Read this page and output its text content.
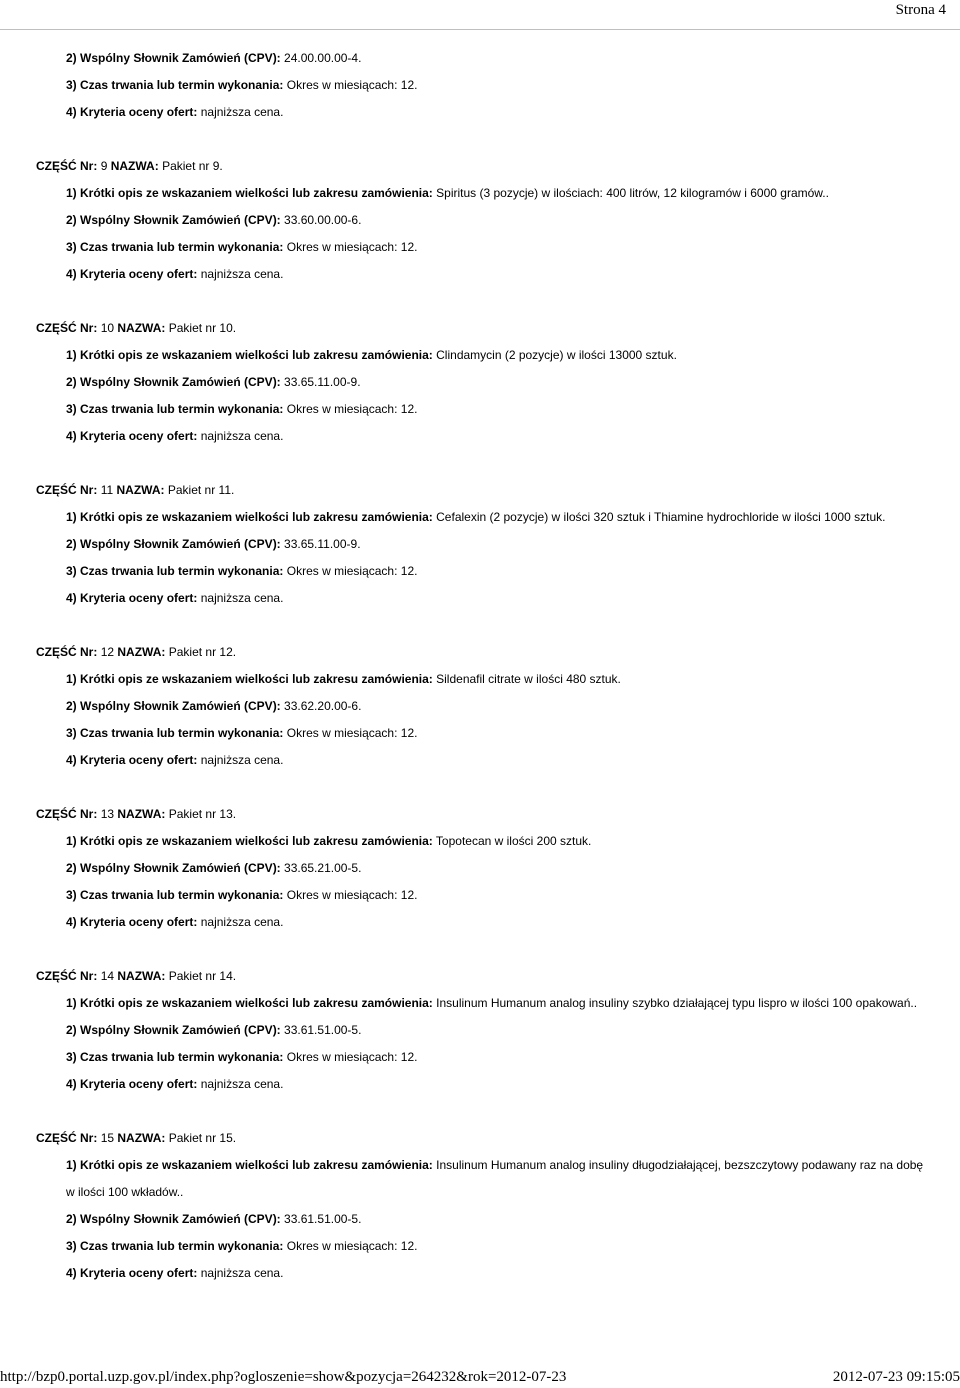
Strona 4
2) Wspólny Słownik Zamówień (CPV): 24.00.00.00-4.
3) Czas trwania lub termin wykonania: Okres w miesiącach: 12.
4) Kryteria oceny ofert: najniższa cena.
CZĘŚĆ Nr: 9 NAZWA: Pakiet nr 9.
1) Krótki opis ze wskazaniem wielkości lub zakresu zamówienia: Spiritus (3 pozycje) w ilościach: 400 litrów, 12 kilogramów i 6000 gramów..
2) Wspólny Słownik Zamówień (CPV): 33.60.00.00-6.
3) Czas trwania lub termin wykonania: Okres w miesiącach: 12.
4) Kryteria oceny ofert: najniższa cena.
CZĘŚĆ Nr: 10 NAZWA: Pakiet nr 10.
1) Krótki opis ze wskazaniem wielkości lub zakresu zamówienia: Clindamycin (2 pozycje) w ilości 13000 sztuk.
2) Wspólny Słownik Zamówień (CPV): 33.65.11.00-9.
3) Czas trwania lub termin wykonania: Okres w miesiącach: 12.
4) Kryteria oceny ofert: najniższa cena.
CZĘŚĆ Nr: 11 NAZWA: Pakiet nr 11.
1) Krótki opis ze wskazaniem wielkości lub zakresu zamówienia: Cefalexin (2 pozycje) w ilości 320 sztuk i Thiamine hydrochloride w ilości 1000 sztuk.
2) Wspólny Słownik Zamówień (CPV): 33.65.11.00-9.
3) Czas trwania lub termin wykonania: Okres w miesiącach: 12.
4) Kryteria oceny ofert: najniższa cena.
CZĘŚĆ Nr: 12 NAZWA: Pakiet nr 12.
1) Krótki opis ze wskazaniem wielkości lub zakresu zamówienia: Sildenafil citrate w ilości 480 sztuk.
2) Wspólny Słownik Zamówień (CPV): 33.62.20.00-6.
3) Czas trwania lub termin wykonania: Okres w miesiącach: 12.
4) Kryteria oceny ofert: najniższa cena.
CZĘŚĆ Nr: 13 NAZWA: Pakiet nr 13.
1) Krótki opis ze wskazaniem wielkości lub zakresu zamówienia: Topotecan w ilości 200 sztuk.
2) Wspólny Słownik Zamówień (CPV): 33.65.21.00-5.
3) Czas trwania lub termin wykonania: Okres w miesiącach: 12.
4) Kryteria oceny ofert: najniższa cena.
CZĘŚĆ Nr: 14 NAZWA: Pakiet nr 14.
1) Krótki opis ze wskazaniem wielkości lub zakresu zamówienia: Insulinum Humanum analog insuliny szybko działającej typu lispro w ilości 100 opakowań..
2) Wspólny Słownik Zamówień (CPV): 33.61.51.00-5.
3) Czas trwania lub termin wykonania: Okres w miesiącach: 12.
4) Kryteria oceny ofert: najniższa cena.
CZĘŚĆ Nr: 15 NAZWA: Pakiet nr 15.
1) Krótki opis ze wskazaniem wielkości lub zakresu zamówienia: Insulinum Humanum analog insuliny długodziałającej, bezszczytowy podawany raz na dobę w ilości 100 wkładów..
2) Wspólny Słownik Zamówień (CPV): 33.61.51.00-5.
3) Czas trwania lub termin wykonania: Okres w miesiącach: 12.
4) Kryteria oceny ofert: najniższa cena.
http://bzp0.portal.uzp.gov.pl/index.php?ogloszenie=show&pozycja=264232&rok=2012-07-23	2012-07-23 09:15:05
